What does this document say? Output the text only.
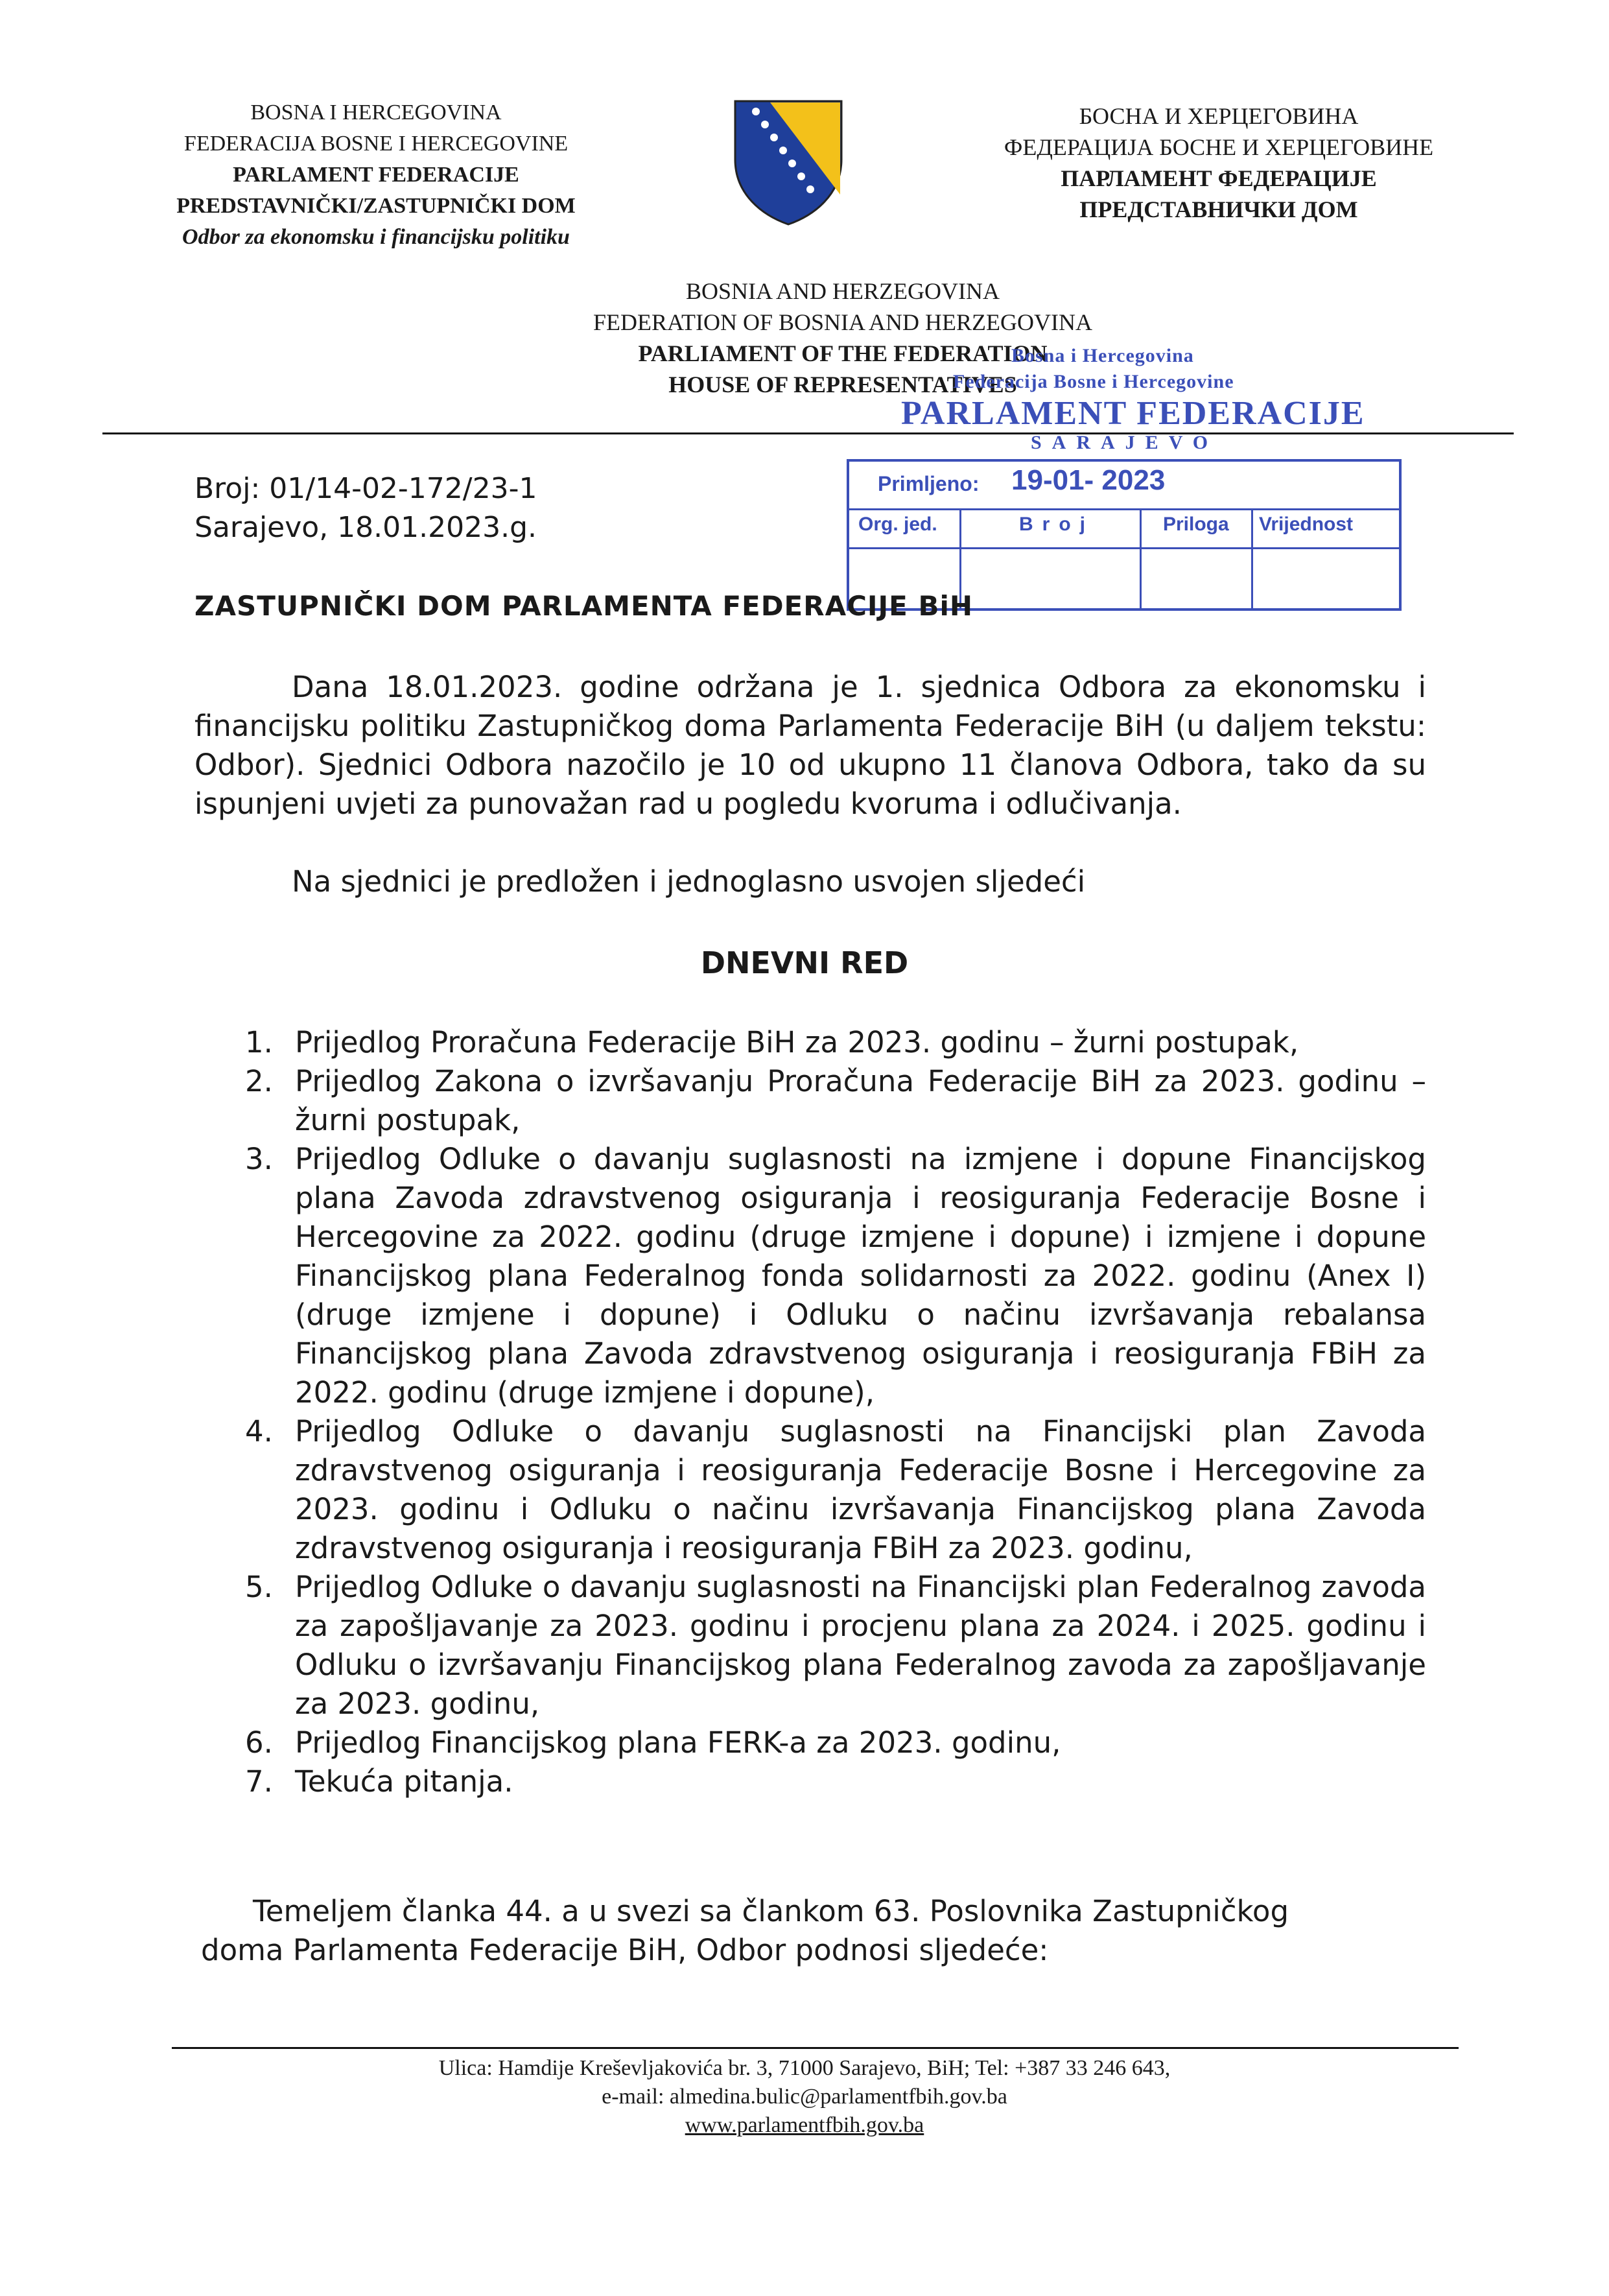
BOSNA I HERCEGOVINA
FEDERACIJA BOSNE I HERCEGOVINE
PARLAMENT FEDERACIJE
PREDSTAVNIČKI/ZASTUPNIČKI DOM
Odbor za ekonomsku i financijsku politiku
БОСНА И ХЕРЦЕГОВИНА
ФЕДЕРАЦИЈА БОСНЕ И ХЕРЦЕГОВИНЕ
ПАРЛАМЕНТ ФЕДЕРАЦИЈЕ
ПРЕДСТАВНИЧКИ ДОМ
BOSNIA AND HERZEGOVINA
FEDERATION OF BOSNIA AND HERZEGOVINA
PARLIAMENT OF THE FEDERATION
HOUSE OF REPRESENTATIVES
Bosna i Hercegovina
Federacija Bosne i Hercegovine
PARLAMENT FEDERACIJE
SARAJEVO
Primljeno: 19-01- 2023
Org. jed.	Broj	Priloga Vrijednost
Broj: 01/14-02-172/23-1
Sarajevo, 18.01.2023.g.
ZASTUPNIČKI DOM PARLAMENTA FEDERACIJE BiH

Dana 18.01.2023. godine održana je 1. sjednica Odbora za ekonomsku i financijsku politiku Zastupničkog doma Parlamenta Federacije BiH (u daljem tekstu: Odbor). Sjednici Odbora nazočilo je 10 od ukupno 11 članova Odbora, tako da su ispunjeni uvjeti za punovažan rad u pogledu kvoruma i odlučivanja.

Na sjednici je predložen i jednoglasno usvojen sljedeći

DNEVNI RED
1. Prijedlog Proračuna Federacije BiH za 2023. godinu – žurni postupak,
2. Prijedlog Zakona o izvršavanju Proračuna Federacije BiH za 2023. godinu – žurni postupak,
3. Prijedlog Odluke o davanju suglasnosti na izmjene i dopune Financijskog plana Zavoda zdravstvenog osiguranja i reosiguranja Federacije Bosne i Hercegovine za 2022. godinu (druge izmjene i dopune) i izmjene i dopune Financijskog plana Federalnog fonda solidarnosti za 2022. godinu (Anex I) (druge izmjene i dopune) i Odluku o načinu izvršavanja rebalansa Financijskog plana Zavoda zdravstvenog osiguranja i reosiguranja FBiH za 2022. godinu (druge izmjene i dopune),
4. Prijedlog Odluke o davanju suglasnosti na Financijski plan Zavoda zdravstvenog osiguranja i reosiguranja Federacije Bosne i Hercegovine za 2023. godinu i Odluku o načinu izvršavanja Financijskog plana Zavoda zdravstvenog osiguranja i reosiguranja FBiH za 2023. godinu,
5. Prijedlog Odluke o davanju suglasnosti na Financijski plan Federalnog zavoda za zapošljavanje za 2023. godinu i procjenu plana za 2024. i 2025. godinu i Odluku o izvršavanju Financijskog plana Federalnog zavoda za zapošljavanje za 2023. godinu,
6. Prijedlog Financijskog plana FERK-a za 2023. godinu,
7. Tekuća pitanja.

Temeljem članka 44. a u svezi sa člankom 63. Poslovnika Zastupničkog doma Parlamenta Federacije BiH, Odbor podnosi sljedeće:

Ulica: Hamdije Kreševljakovića br. 3, 71000 Sarajevo, BiH; Tel: +387 33 246 643,
e-mail: almedina.bulic@parlamentfbih.gov.ba
www.parlamentfbih.gov.ba
